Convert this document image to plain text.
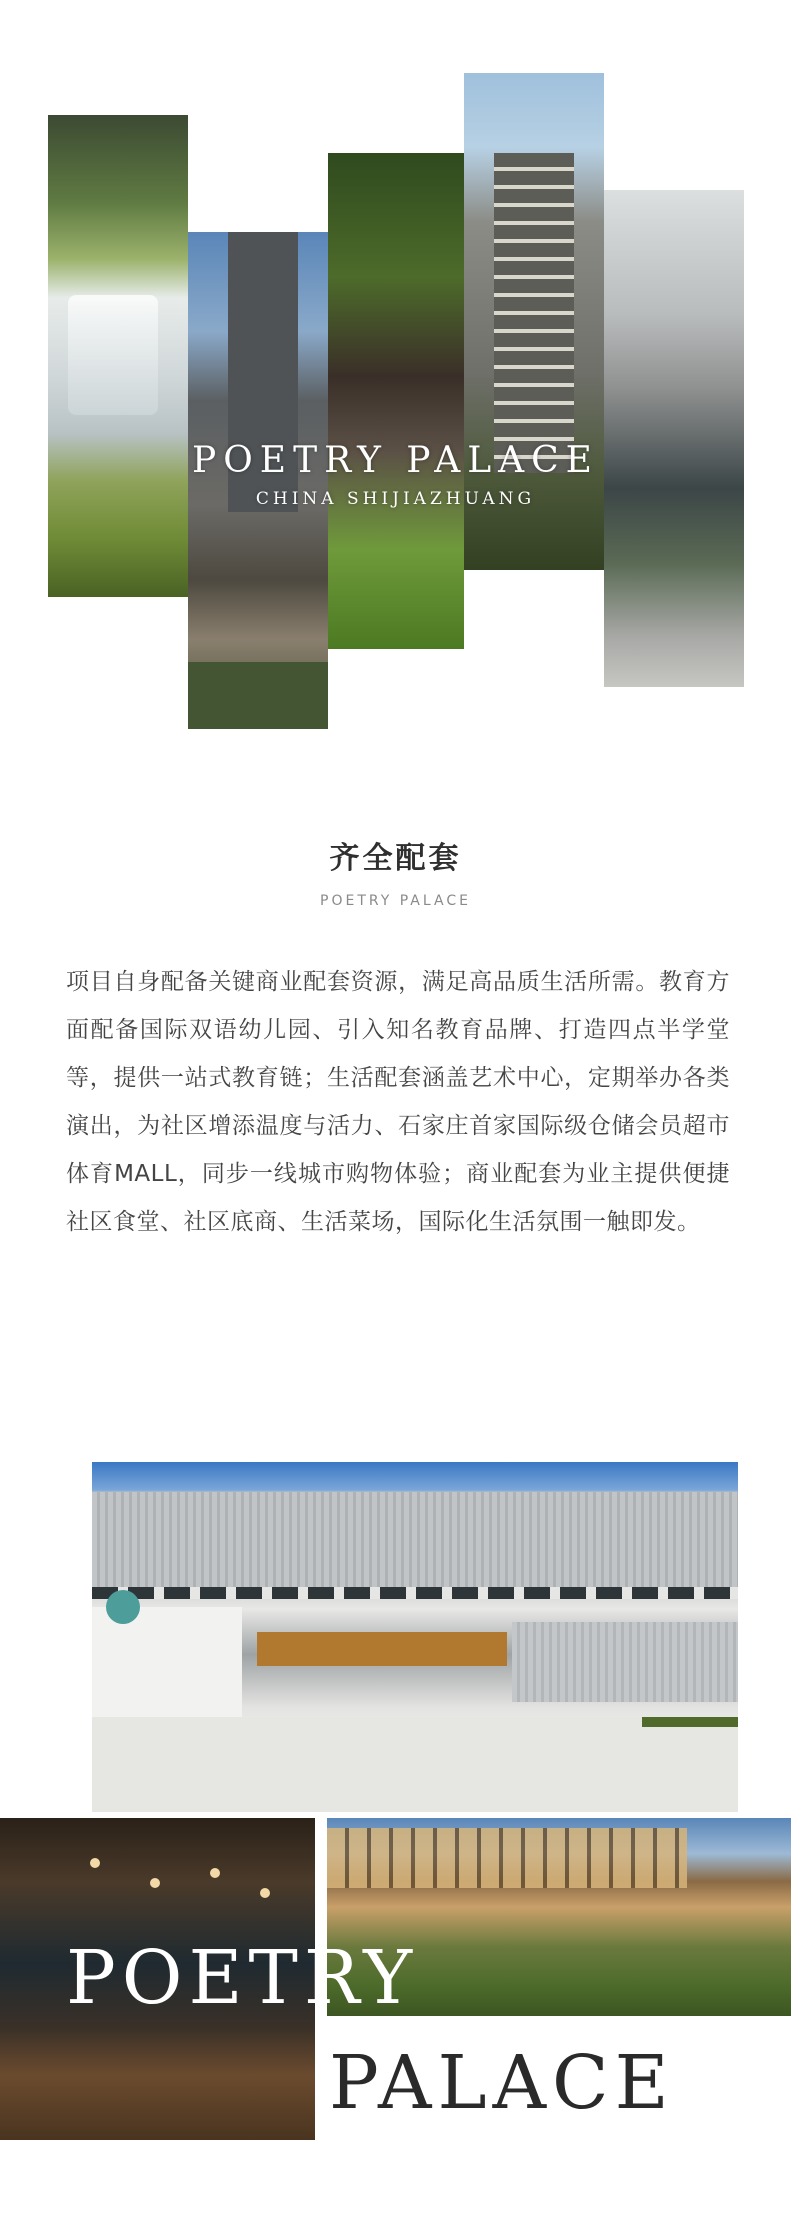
POETRY PALACE
CHINA SHIJIAZHUANG
齐全配套
POETRY PALACE
项目自身配备关键商业配套资源，满足高品质生活所需。教育方面配备国际双语幼儿园、引入知名教育品牌、打造四点半学堂等，提供一站式教育链；生活配套涵盖艺术中心，定期举办各类演出，为社区增添温度与活力、石家庄首家国际级仓储会员超市体育MALL，同步一线城市购物体验；商业配套为业主提供便捷社区食堂、社区底商、生活菜场，国际化生活氛围一触即发。
POETRY
PALACE
